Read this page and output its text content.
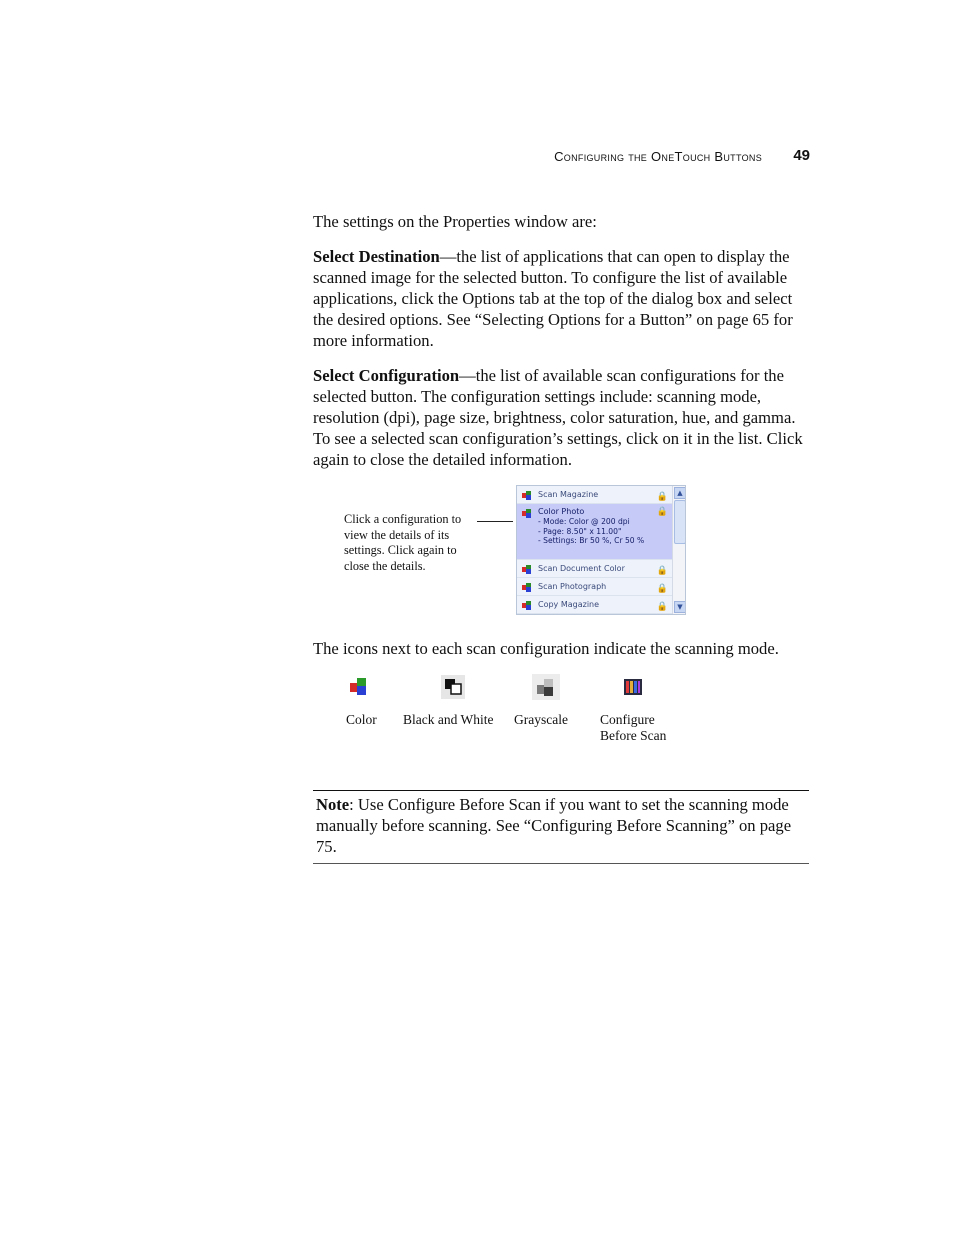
Configuring the OneTouch Buttons 49
The settings on the Properties window are:
Select Destination—the list of applications that can open to display the scanned image for the selected button. To configure the list of available applications, click the Options tab at the top of the dialog box and select the desired options. See “Selecting Options for a Button” on page 65 for more information.
Select Configuration—the list of available scan configurations for the selected button. The configuration settings include: scanning mode, resolution (dpi), page size, brightness, color saturation, hue, and gamma. To see a selected scan configuration’s settings, click on it in the list. Click again to close the detailed information.
Click a configuration to view the details of its settings. Click again to close the details.
Scan Magazine	🔒
Color Photo
- Mode: Color @ 200 dpi
- Page: 8.50" x 11.00"
- Settings: Br 50 %, Cr 50 %
🔒
Scan Document Color	🔒
Scan Photograph	🔒
Copy Magazine	🔒
▲
▼
The icons next to each scan configuration indicate the scanning mode.
Color Black and White Grayscale Configure Before Scan
Note: Use Configure Before Scan if you want to set the scanning mode manually before scanning. See “Configuring Before Scanning” on page 75.
